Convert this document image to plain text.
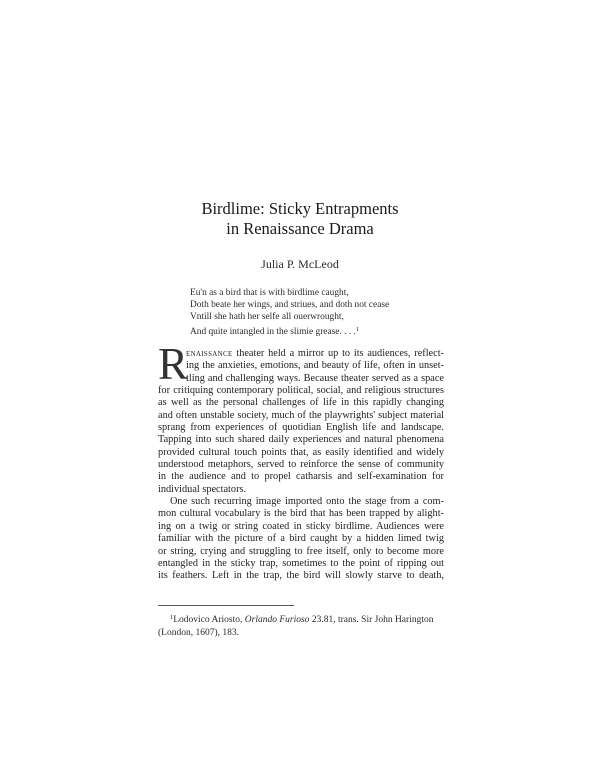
Birdlime: Sticky Entrapments
in Renaissance Drama
Julia P. McLeod
Eu'n as a bird that is with birdlime caught,
Doth beate her wings, and striues, and doth not cease
Vntill she hath her selfe all ouerwrought,
And quite intangled in the slimie grease. . . .$^1$
R
enaissance theater held a mirror up to its audiences, reflect-
ing the anxieties, emotions, and beauty of life, often in unset-
tling and challenging ways. Because theater served as a space
for critiquing contemporary political, social, and religious structures
as well as the personal challenges of life in this rapidly changing
and often unstable society, much of the playwrights' subject material
sprang from experiences of quotidian English life and landscape.
Tapping into such shared daily experiences and natural phenomena
provided cultural touch points that, as easily identified and widely
understood metaphors, served to reinforce the sense of community
in the audience and to propel catharsis and self-examination for
individual spectators.
One such recurring image imported onto the stage from a com-
mon cultural vocabulary is the bird that has been trapped by alight-
ing on a twig or string coated in sticky birdlime. Audiences were
familiar with the picture of a bird caught by a hidden limed twig
or string, crying and struggling to free itself, only to become more
entangled in the sticky trap, sometimes to the point of ripping out
its feathers. Left in the trap, the bird will slowly starve to death,
$^1$Lodovico Ariosto, Orlando Furioso 23.81, trans. Sir John Harington
(London, 1607), 183.
